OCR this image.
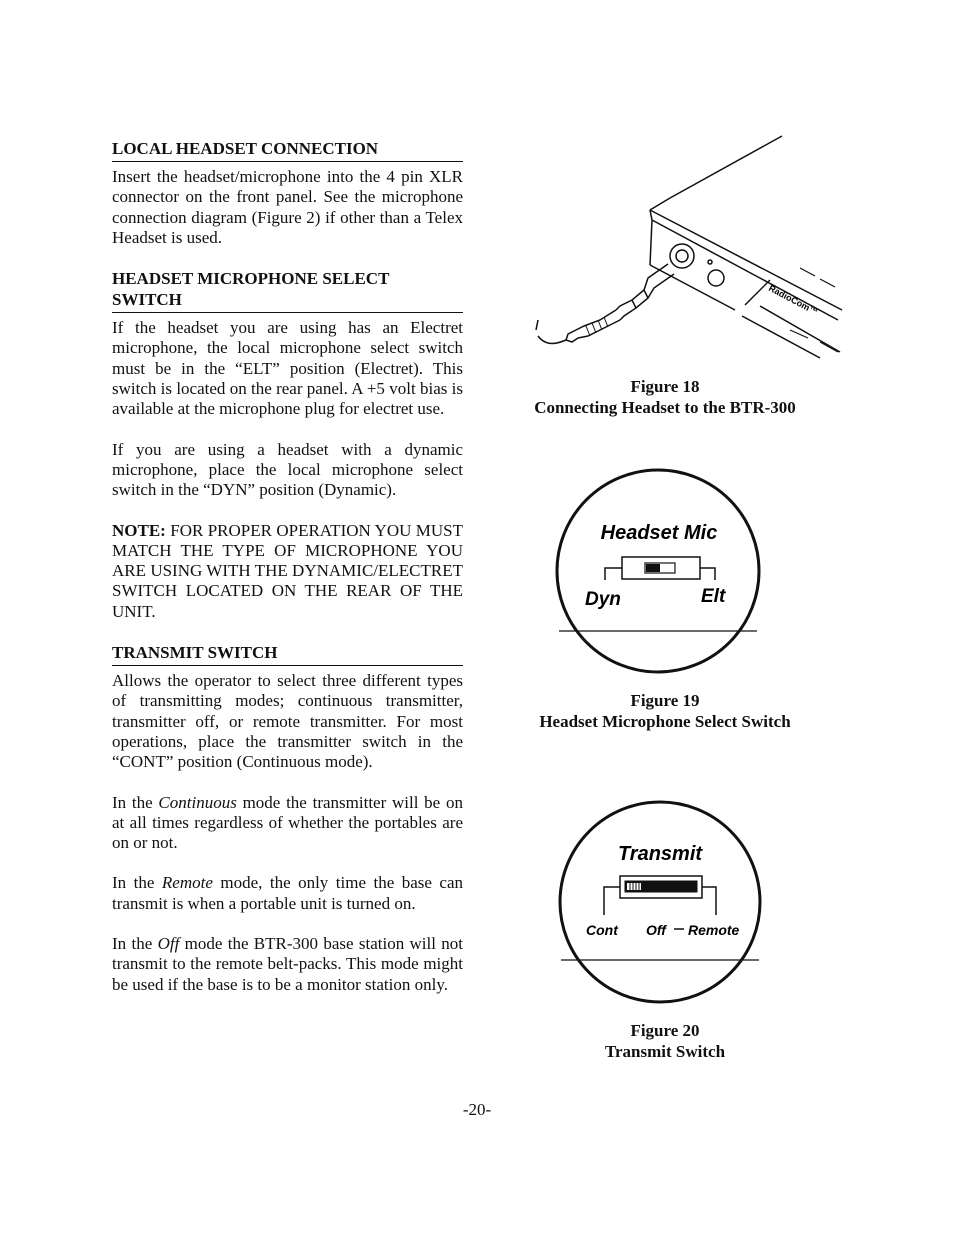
LOCAL HEADSET CONNECTION

Insert the headset/microphone into the 4 pin XLR connector on the front panel. See the microphone connection diagram (Figure 2) if other than a Telex Headset is used.

HEADSET MICROPHONE SELECT SWITCH

If the headset you are using has an Electret microphone, the local microphone select switch must be in the “ELT” position (Electret). This switch is located on the rear panel. A +5 volt bias is available at the microphone plug for electret use.

If you are using a headset with a dynamic microphone, place the local microphone select switch in the “DYN” position (Dynamic).

NOTE: FOR PROPER OPERATION YOU MUST MATCH THE TYPE OF MICROPHONE YOU ARE USING WITH THE DYNAMIC/ELECTRET SWITCH LOCATED ON THE REAR OF THE UNIT.

TRANSMIT SWITCH

Allows the operator to select three different types of transmitting modes; continuous transmitter, transmitter off, or remote transmitter. For most operations, place the transmitter switch in the “CONT” position (Continuous mode).

In the Continuous mode the transmitter will be on at all times regardless of whether the portables are on or not.

In the Remote mode, the only time the base can transmit is when a portable unit is turned on.

In the Off mode the BTR-300 base station will not transmit to the remote belt-packs. This mode might be used if the base is to be a monitor station only.

RadioCom™
Figure 18
Connecting Headset to the BTR-300
Headset Mic
Dyn	Elt
Figure 19
Headset Microphone Select Switch
Transmit
Cont Off Remote
Figure 20
Transmit Switch
-20-
